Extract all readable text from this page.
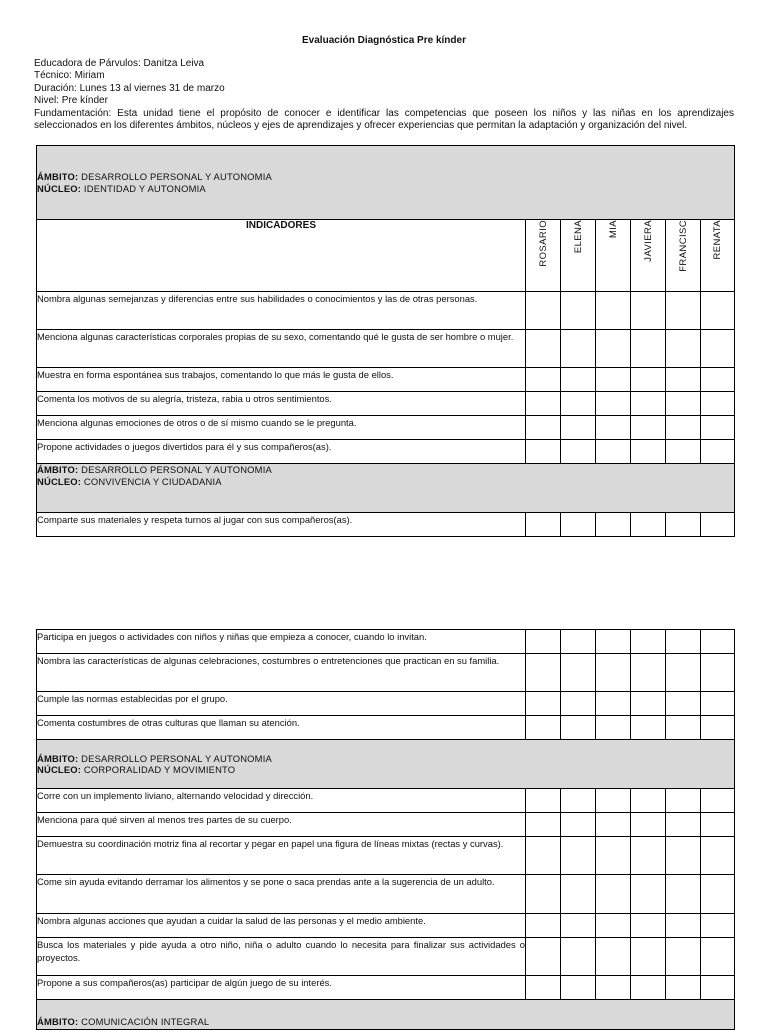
Evaluación Diagnóstica Pre kínder
Educadora de Párvulos: Danitza Leiva
Técnico: Miriam
Duración: Lunes 13 al viernes 31 de marzo
Nivel: Pre kínder
Fundamentación: Esta unidad tiene el propósito de conocer e identificar las competencias que poseen los niños y las niñas en los aprendizajes seleccionados en los diferentes ámbitos, núcleos y ejes de aprendizajes y ofrecer experiencias que permitan la adaptación y organización del nivel.
ÁMBITO: DESARROLLO PERSONAL Y AUTONOMIA
NÚCLEO: IDENTIDAD Y AUTONOMIA						

INDICADORES	ROSARIO	ELENA	MIA	JAVIERA	FRANCISC	RENATA
Nombra algunas semejanzas y diferencias entre sus habilidades o conocimientos y las de otras personas.						
Menciona algunas características corporales propias de su sexo, comentando qué le gusta de ser hombre o mujer.						
Muestra en forma espontánea sus trabajos, comentando lo que más le gusta de ellos.						
Comenta los motivos de su alegría, tristeza, rabia u otros sentimientos.						
Menciona algunas emociones de otros o de sí mismo cuando se le pregunta.						
Propone actividades o juegos divertidos para él y sus compañeros(as).						

ÁMBITO: DESARROLLO PERSONAL Y AUTONOMIA
NÚCLEO: CONVIVENCIA Y CIUDADANIA						

Comparte sus materiales y respeta turnos al jugar con sus compañeros(as).						
Participa en juegos o actividades con niños y niñas que empieza a conocer, cuando lo invitan.						
Nombra las características de algunas celebraciones, costumbres o entretenciones que practican en su familia.						
Cumple las normas establecidas por el grupo.						
Comenta costumbres de otras culturas que llaman su atención.						

ÁMBITO: DESARROLLO PERSONAL Y AUTONOMIA
NÚCLEO: CORPORALIDAD Y MOVIMIENTO						

Corre con un implemento liviano, alternando velocidad y dirección.						
Menciona para qué sirven al menos tres partes de su cuerpo.						
Demuestra su coordinación motriz fina al recortar y pegar en papel una figura de líneas mixtas (rectas y curvas).						
Come sin ayuda evitando derramar los alimentos y se pone o saca prendas ante a la sugerencia de un adulto.						
Nombra algunas acciones que ayudan a cuidar la salud de las personas y el medio ambiente.						
Busca los materiales y pide ayuda a otro niño, niña o adulto cuando lo necesita para finalizar sus actividades o proyectos.						
Propone a sus compañeros(as) participar de algún juego de su interés.						

ÁMBITO: COMUNICACIÓN INTEGRAL						
